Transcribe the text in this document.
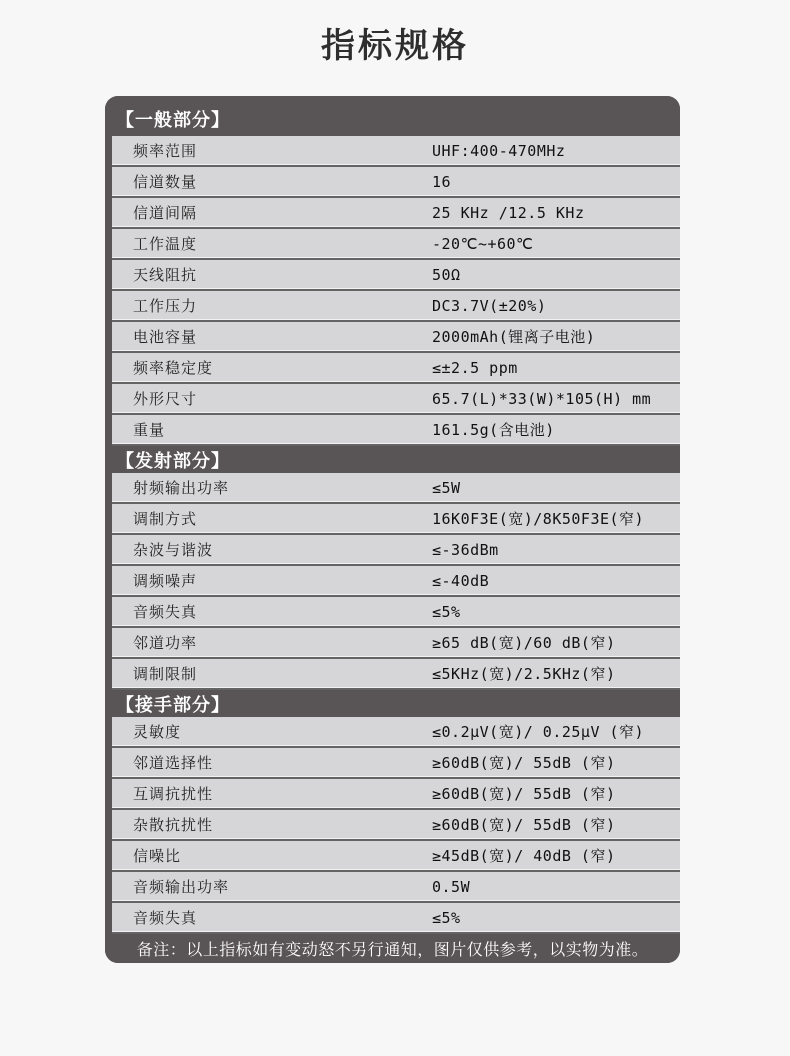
指标规格
【一般部分】
频率范围	UHF:400-470MHz
信道数量	16
信道间隔	25 KHz /12.5 KHz
工作温度	-20℃~+60℃
天线阻抗	50Ω
工作压力	DC3.7V(±20%)
电池容量	2000mAh(锂离子电池)
频率稳定度	≤±2.5 ppm
外形尺寸	65.7(L)*33(W)*105(H) mm
重量	161.5g(含电池)
【发射部分】
射频输出功率	≤5W
调制方式	16K0F3E(宽)/8K50F3E(窄)
杂波与谐波	≤-36dBm
调频噪声	≤-40dB
音频失真	≤5%
邻道功率	≥65 dB(宽)/60 dB(窄)
调制限制	≤5KHz(宽)/2.5KHz(窄)
【接手部分】
灵敏度	≤0.2μV(宽)/ 0.25μV (窄)
邻道选择性	≥60dB(宽)/ 55dB (窄)
互调抗扰性	≥60dB(宽)/ 55dB (窄)
杂散抗扰性	≥60dB(宽)/ 55dB (窄)
信噪比	≥45dB(宽)/ 40dB (窄)
音频输出功率	0.5W
音频失真	≤5%
备注：以上指标如有变动怒不另行通知，图片仅供参考，以实物为准。
